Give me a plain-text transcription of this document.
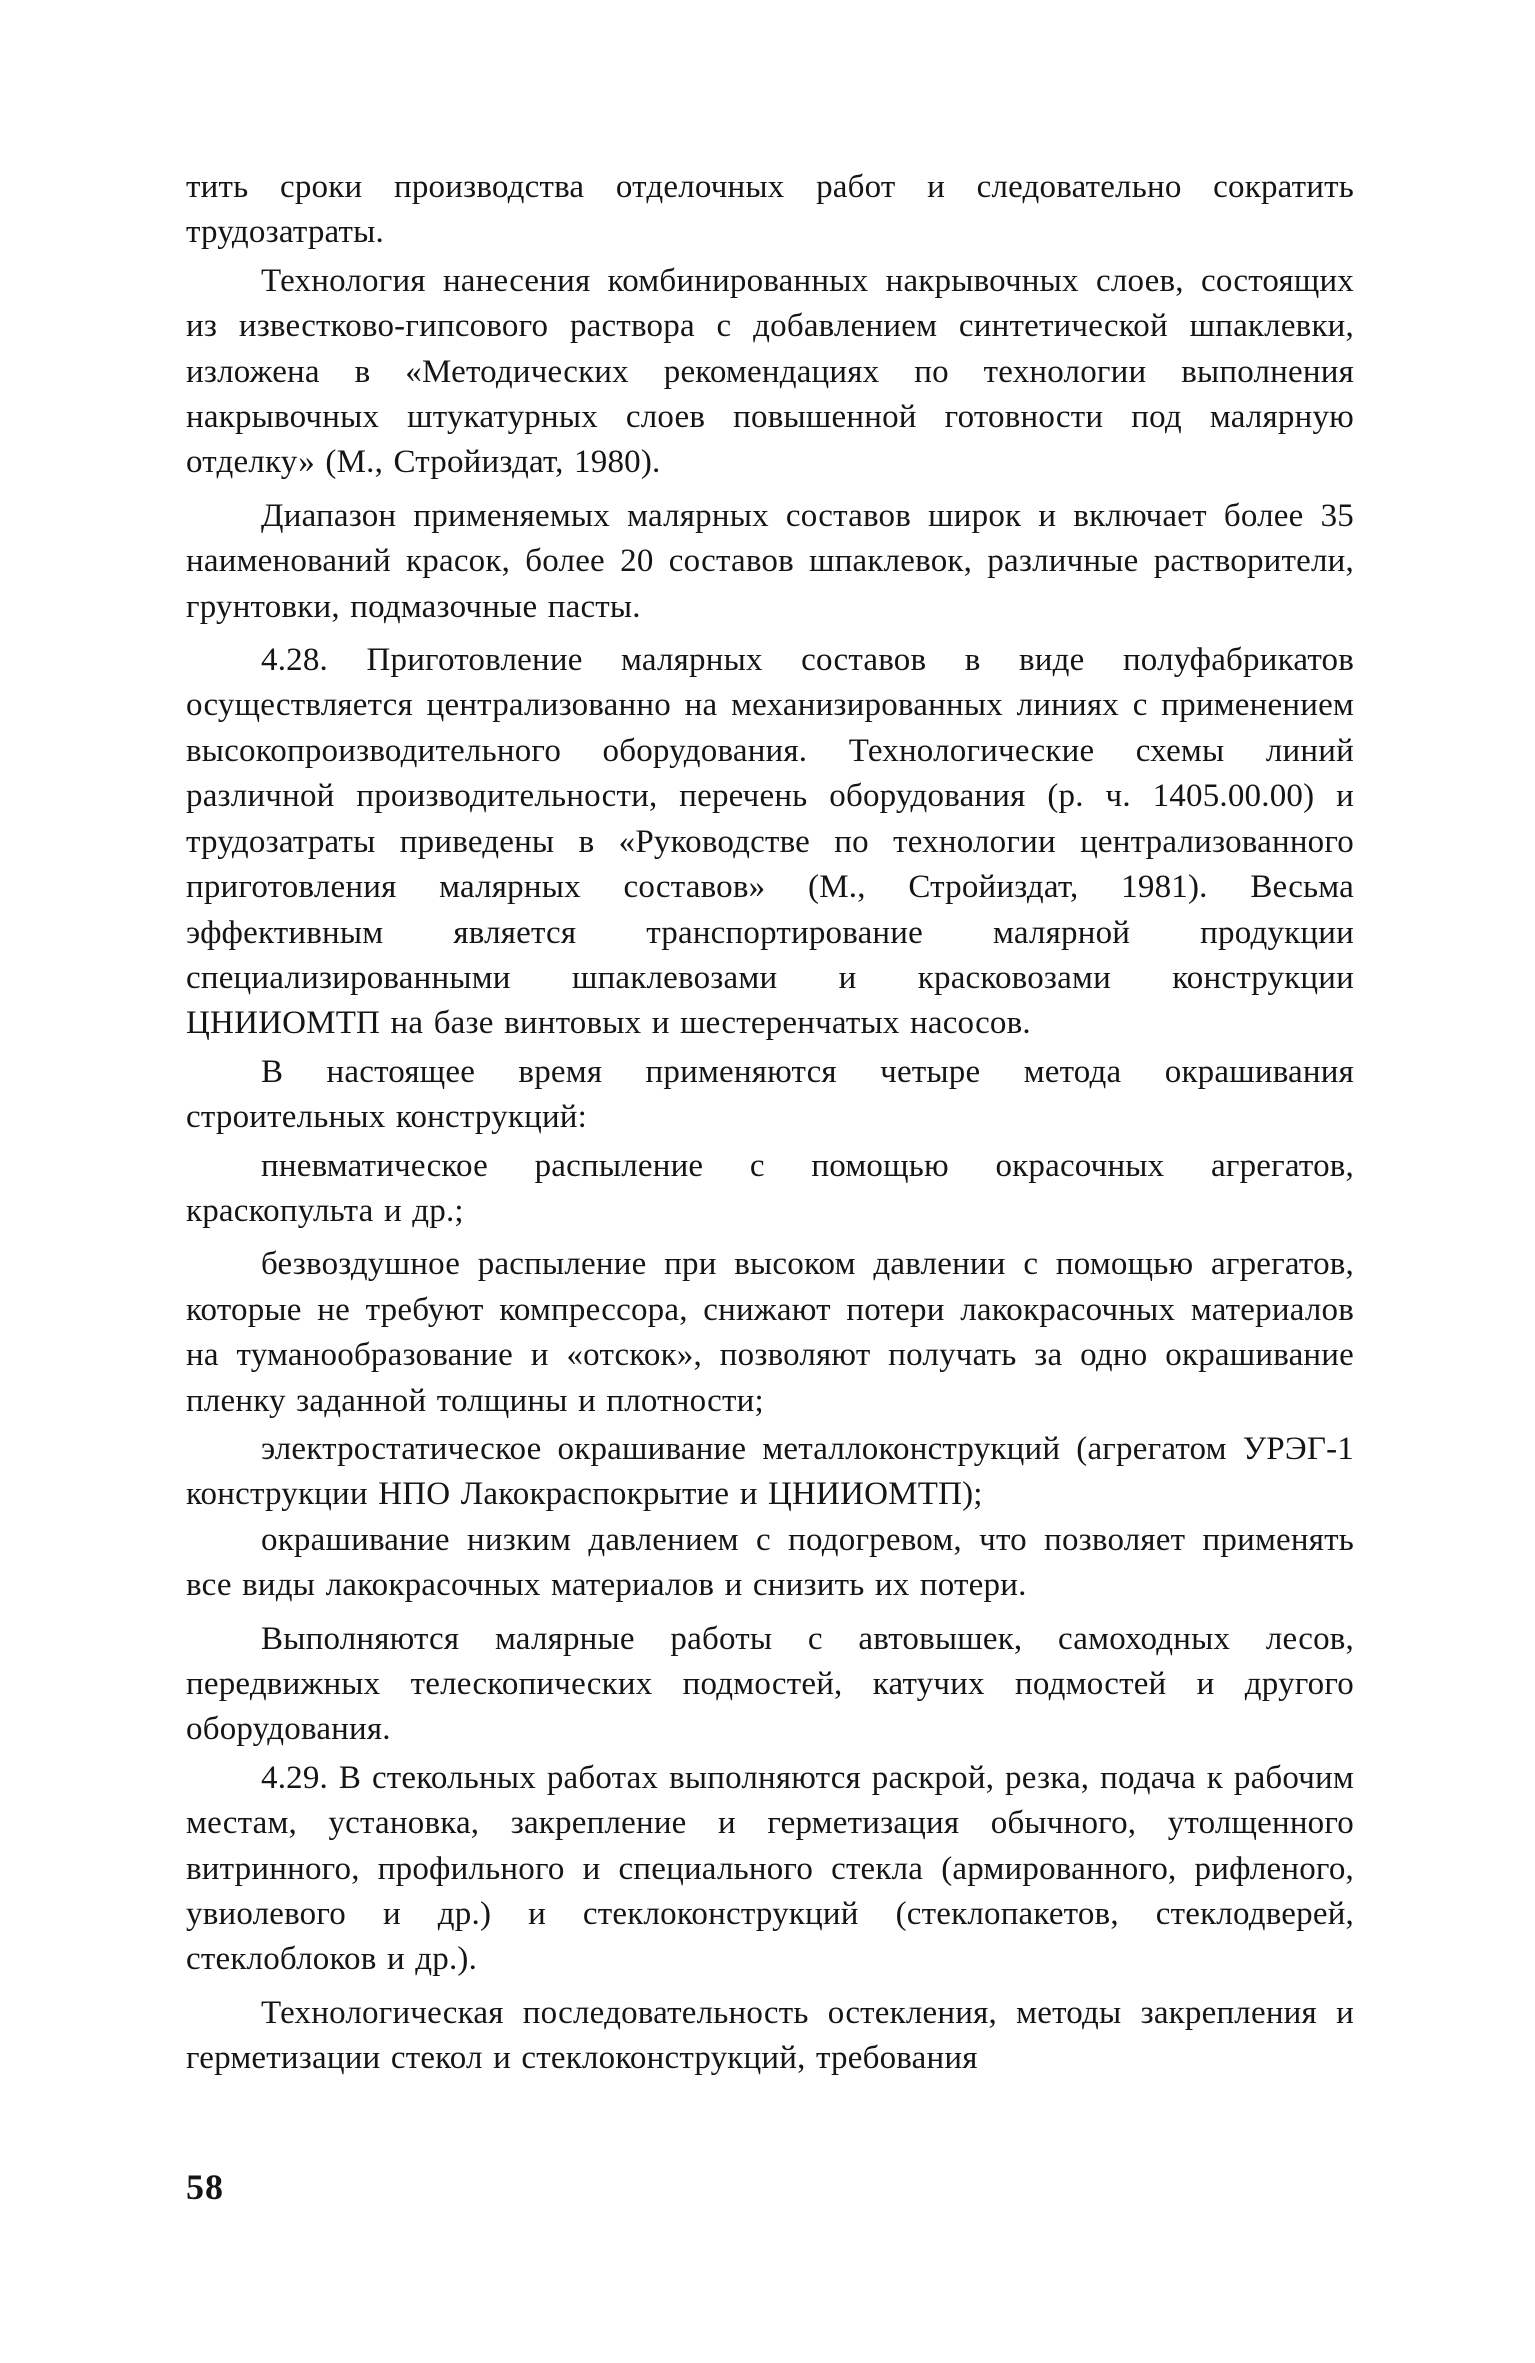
тить сроки производства отделочных работ и следовательно сократить трудозатраты.

Технология нанесения комбинированных накрывочных слоев, состоящих из известково-гипсового раствора с добавлением синтетической шпаклевки, изложена в «Методических рекомендациях по технологии выполнения накрывочных штукатурных слоев повышенной готовности под малярную отделку» (М., Стройиздат, 1980).

Диапазон применяемых малярных составов широк и включает более 35 наименований красок, более 20 составов шпаклевок, различные растворители, грунтовки, подмазочные пасты.

4.28. Приготовление малярных составов в виде полуфабрикатов осуществляется централизованно на механизированных линиях с применением высокопроизводительного оборудования. Технологические схемы линий различной производительности, перечень оборудования (р. ч. 1405.00.00) и трудозатраты приведены в «Руководстве по технологии централизованного приготовления малярных составов» (М., Стройиздат, 1981). Весьма эффективным является транспортирование малярной продукции специализированными шпаклевозами и красковозами конструкции ЦНИИОМТП на базе винтовых и шестеренчатых насосов.

В настоящее время применяются четыре метода окрашивания строительных конструкций:

пневматическое распыление с помощью окрасочных агрегатов, краскопульта и др.;

безвоздушное распыление при высоком давлении с помощью агрегатов, которые не требуют компрессора, снижают потери лакокрасочных материалов на туманообразование и «отскок», позволяют получать за одно окрашивание пленку заданной толщины и плотности;

электростатическое окрашивание металлоконструкций (агрегатом УРЭГ-1 конструкции НПО Лакокраспокрытие и ЦНИИОМТП);

окрашивание низким давлением с подогревом, что позволяет применять все виды лакокрасочных материалов и снизить их потери.

Выполняются малярные работы с автовышек, самоходных лесов, передвижных телескопических подмостей, катучих подмостей и другого оборудования.

4.29. В стекольных работах выполняются раскрой, резка, подача к рабочим местам, установка, закрепление и герметизация обычного, утолщенного витринного, профильного и специального стекла (армированного, рифленого, увиолевого и др.) и стеклоконструкций (стеклопакетов, стеклодверей, стеклоблоков и др.).

Технологическая последовательность остекления, методы закрепления и герметизации стекол и стеклоконструкций, требования

58
